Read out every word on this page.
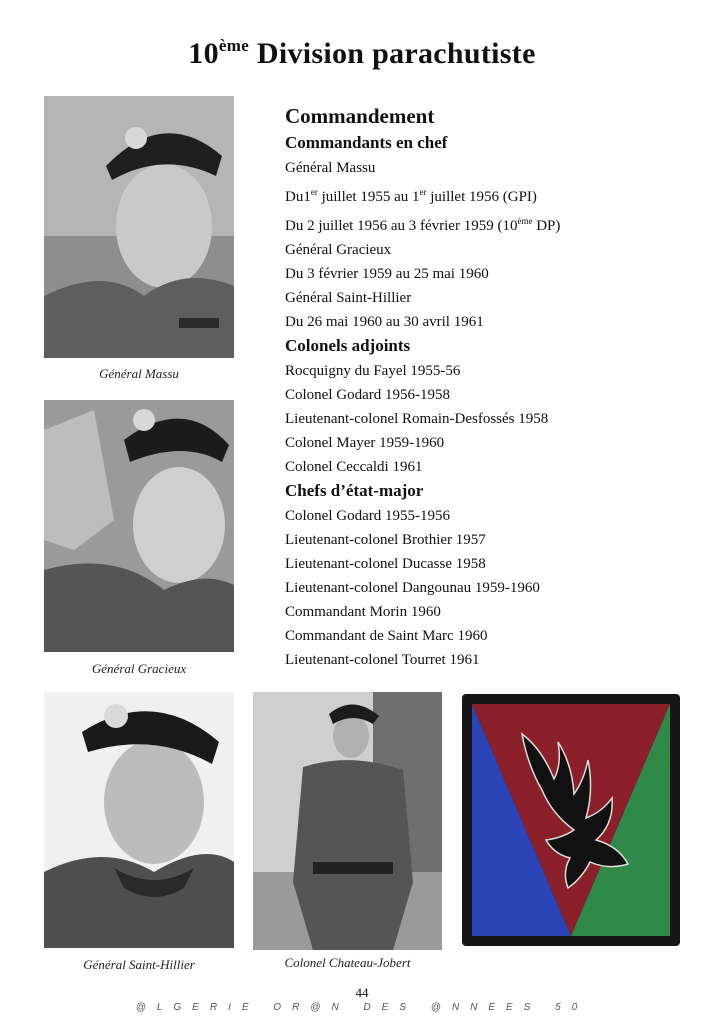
10ème Division parachutiste
Général Massu
Général Gracieux
Commandement
Commandants en chef
Général Massu
Du1er juillet 1955 au 1er juillet 1956 (GPI)
Du 2 juillet 1956 au 3 février 1959 (10ème DP)
Général Gracieux
Du 3 février 1959 au 25 mai 1960
Général Saint-Hillier
Du 26 mai 1960 au 30 avril 1961
Colonels adjoints
Rocquigny du Fayel 1955-56
Colonel Godard 1956-1958
Lieutenant-colonel Romain-Desfossés 1958
Colonel Mayer 1959-1960
Colonel Ceccaldi 1961
Chefs d’état-major
Colonel Godard 1955-1956
Lieutenant-colonel Brothier 1957
Lieutenant-colonel Ducasse 1958
Lieutenant-colonel Dangounau 1959-1960
Commandant Morin 1960
Commandant de Saint Marc 1960
Lieutenant-colonel Tourret 1961
Général Saint-Hillier	Colonel Chateau-Jobert
44
@LGERIE OR@N DES @NNEES 50
